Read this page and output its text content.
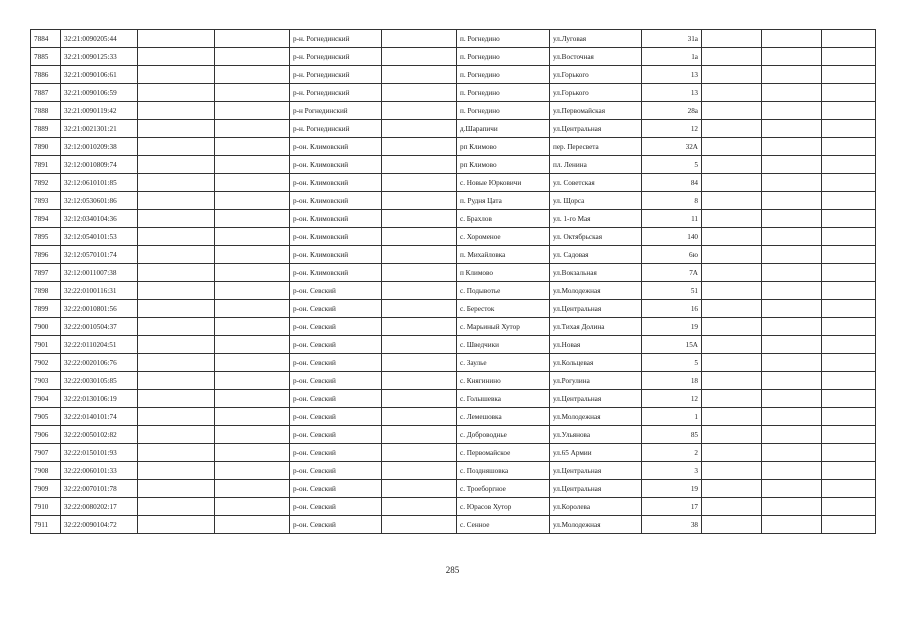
7884	32:21:0090205:44			р-н. Рогнединский		п. Рогнедино	ул.Луговая	31а			
7885	32:21:0090125:33			р-н. Рогнединский		п. Рогнедино	ул.Восточная	1а			
7886	32:21:0090106:61			р-н. Рогнединский		п. Рогнедино	ул.Горького	13			
7887	32:21:0090106:59			р-н. Рогнединский		п. Рогнедино	ул.Горького	13			
7888	32:21:0090119:42			р-н Рогнединский		п. Рогнедино	ул.Первомайская	28а			
7889	32:21:0021301:21			р-н. Рогнединский		д.Шарапичи	ул.Центральная	12			
7890	32:12:0010209:38			р-он. Климовский		рп Климово	пер. Пересвета	32А			
7891	32:12:0010809:74			р-он. Климовский		рп Климово	пл. Ленина	5			
7892	32:12:0610101:85			р-он. Климовский		с. Новые Юрковичи	ул. Советская	84			
7893	32:12:0530601:86			р-он. Климовский		п. Рудня Цата	ул. Щорса	8			
7894	32:12:0340104:36			р-он. Климовский		с. Брахлов	ул. 1-го Мая	11			
7895	32:12:0540101:53			р-он. Климовский		с. Хороменое	ул. Октябрьская	140			
7896	32:12:0570101:74			р-он. Климовский		п. Михайловка	ул. Садовая	6ю			
7897	32:12:0011007:38			р-он. Климовский		п Климово	ул.Вокзальная	7А			
7898	32:22:0100116:31			р-он. Севский		с. Подывотье	ул.Молодежная	51			
7899	32:22:0010801:56			р-он. Севский		с. Бересток	ул.Центральная	16			
7900	32:22:0010504:37			р-он. Севский		с. Марьиный Хутор	ул.Тихая Долина	19			
7901	32:22:0110204:51			р-он. Севский		с. Шведчики	ул.Новая	15А			
7902	32:22:0020106:76			р-он. Севский		с. Заулье	ул.Кольцевая	5			
7903	32:22:0030105:85			р-он. Севский		с. Княгинино	ул.Рогулина	18			
7904	32:22:0130106:19			р-он. Севский		с. Голышевка	ул.Центральная	12			
7905	32:22:0140101:74			р-он. Севский		с. Лемешовка	ул.Молодежная	1			
7906	32:22:0050102:82			р-он. Севский		с. Доброводнье	ул.Ульянова	85			
7907	32:22:0150101:93			р-он. Севский		с. Первомайское	ул.65 Армии	2			
7908	32:22:0060101:33			р-он. Севский		с. Поздняшовка	ул.Центральная	3			
7909	32:22:0070101:78			р-он. Севский		с. Троеборгное	ул.Центральная	19			
7910	32:22:0080202:17			р-он. Севский		с. Юрасов Хутор	ул.Королева	17			
7911	32:22:0090104:72			р-он. Севский		с. Сенное	ул.Молодежная	38			
285
